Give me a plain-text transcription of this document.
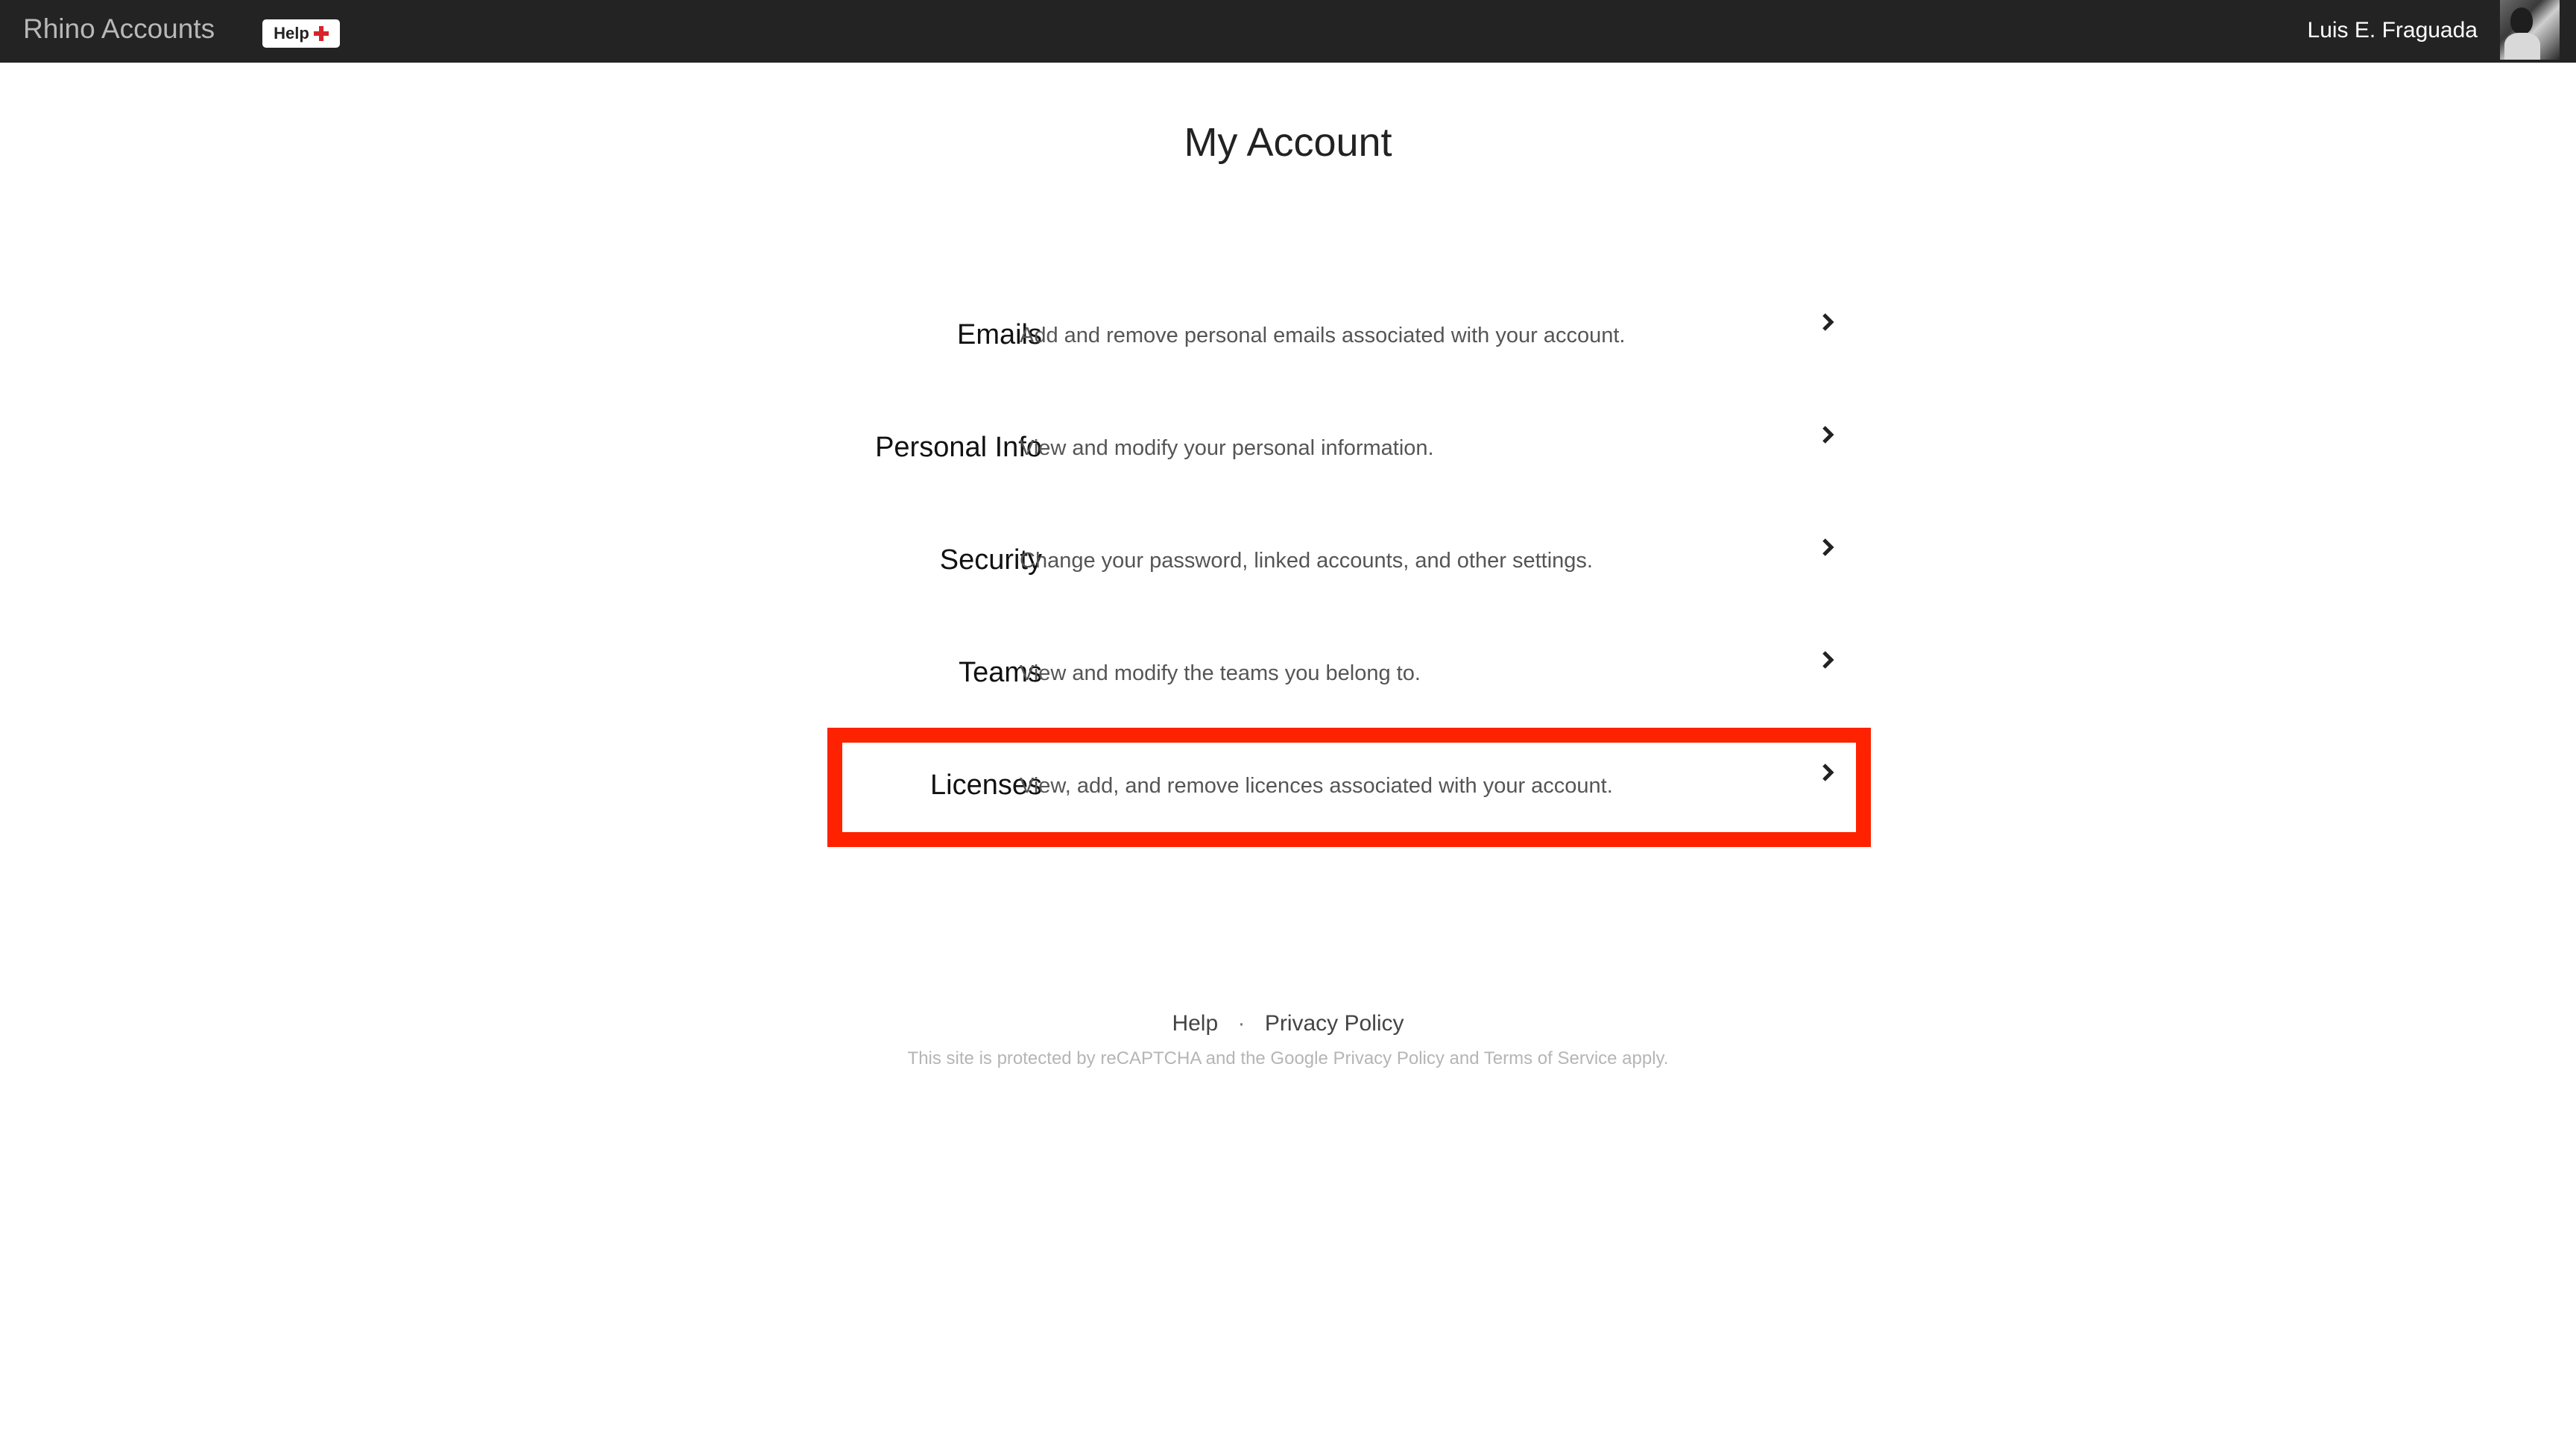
Rhino Accounts	Help	Luis E. Fraguada
My Account
Emails
Add and remove personal emails associated with your account.
Personal Info
View and modify your personal information.
Security
Change your password, linked accounts, and other settings.
Teams
View and modify the teams you belong to.
Licenses
View, add, and remove licences associated with your account.
Help · Privacy Policy
This site is protected by reCAPTCHA and the Google Privacy Policy and Terms of Service apply.
